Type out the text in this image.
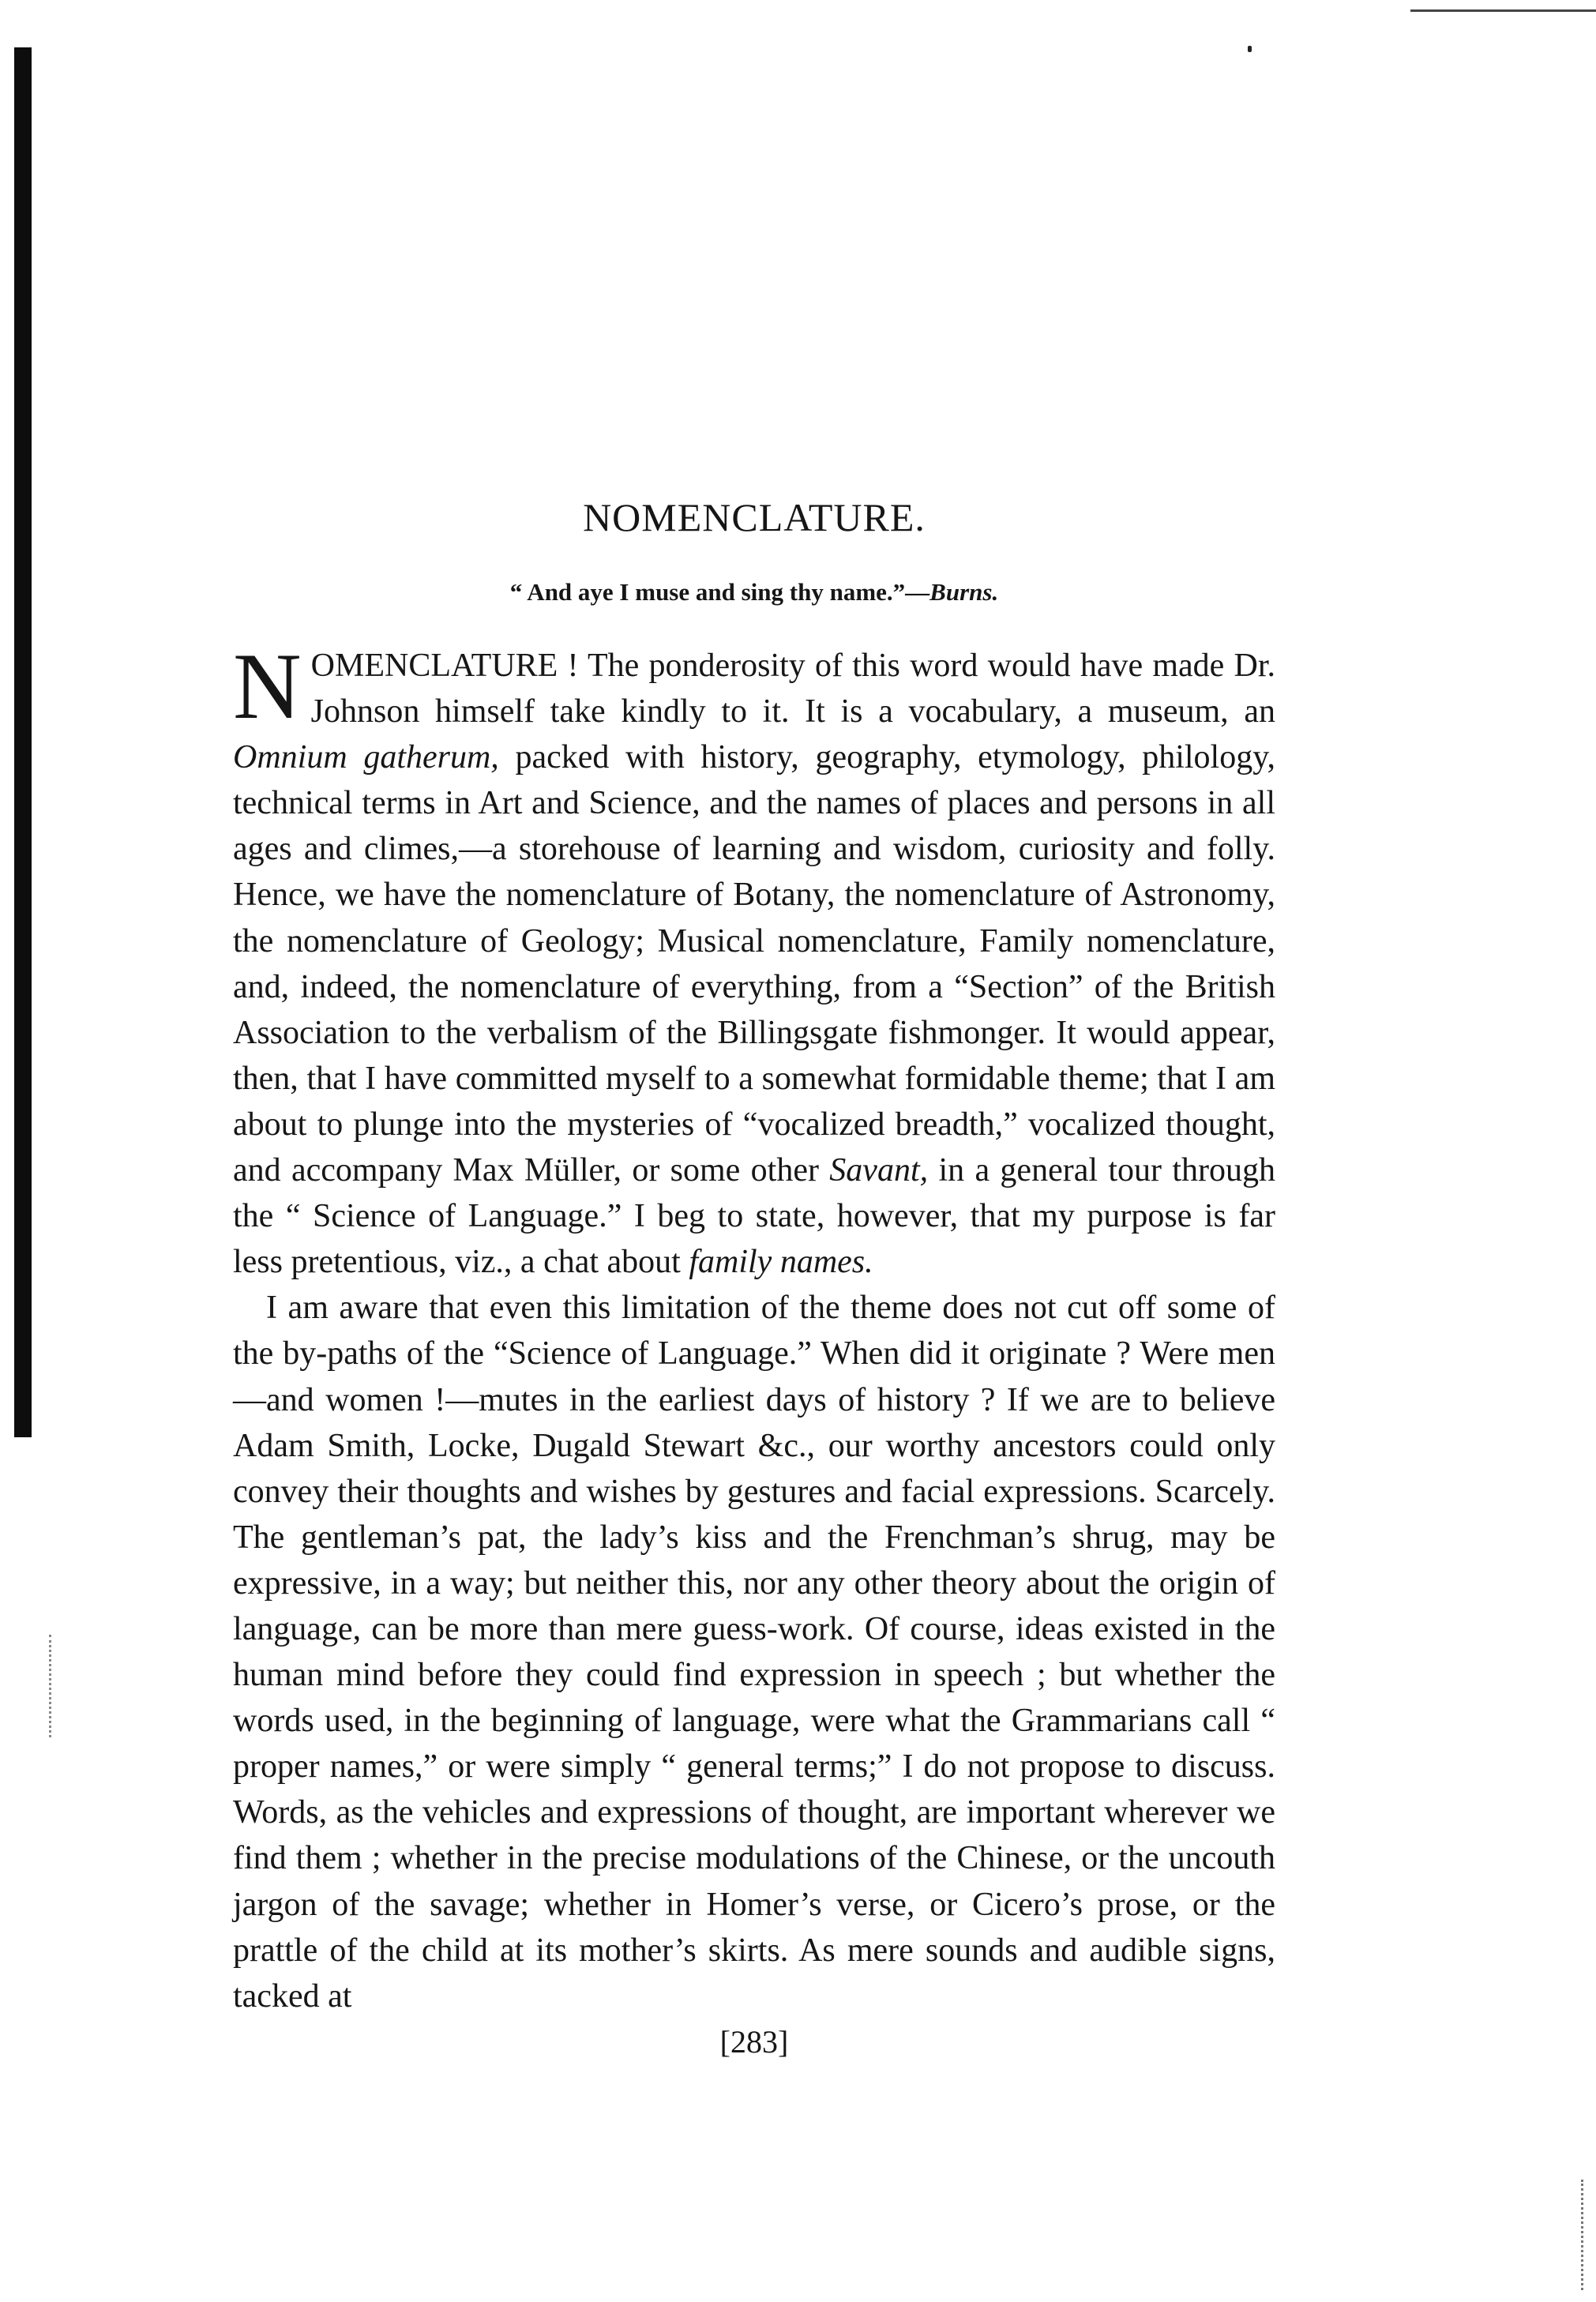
NOMENCLATURE.

“ And aye I muse and sing thy name.”—Burns.

NOMENCLATURE ! The ponderosity of this word would have made Dr. Johnson himself take kindly to it. It is a vocabulary, a museum, an Omnium gatherum, packed with history, geography, etymology, philology, technical terms in Art and Science, and the names of places and persons in all ages and climes,—a storehouse of learning and wisdom, curiosity and folly. Hence, we have the nomenclature of Botany, the nomenclature of Astronomy, the nomenclature of Geology; Musical nomenclature, Family nomenclature, and, indeed, the nomenclature of everything, from a “Section” of the British Association to the verbalism of the Billingsgate fishmonger. It would appear, then, that I have committed myself to a somewhat formidable theme; that I am about to plunge into the mysteries of “vocalized breadth,” vocalized thought, and accompany Max Müller, or some other Savant, in a general tour through the “ Science of Language.” I beg to state, however, that my purpose is far less pretentious, viz., a chat about family names.

I am aware that even this limitation of the theme does not cut off some of the by-paths of the “Science of Language.” When did it originate ? Were men—and women !—mutes in the earliest days of history ? If we are to believe Adam Smith, Locke, Dugald Stewart &c., our worthy ancestors could only convey their thoughts and wishes by gestures and facial expressions. Scarcely. The gentleman’s pat, the lady’s kiss and the Frenchman’s shrug, may be expressive, in a way; but neither this, nor any other theory about the origin of language, can be more than mere guess-work. Of course, ideas existed in the human mind before they could find expression in speech ; but whether the words used, in the beginning of language, were what the Grammarians call “ proper names,” or were simply “ general terms;” I do not propose to discuss. Words, as the vehicles and expressions of thought, are important wherever we find them ; whether in the precise modulations of the Chinese, or the uncouth jargon of the savage; whether in Homer’s verse, or Cicero’s prose, or the prattle of the child at its mother’s skirts. As mere sounds and audible signs, tacked at

[283]
